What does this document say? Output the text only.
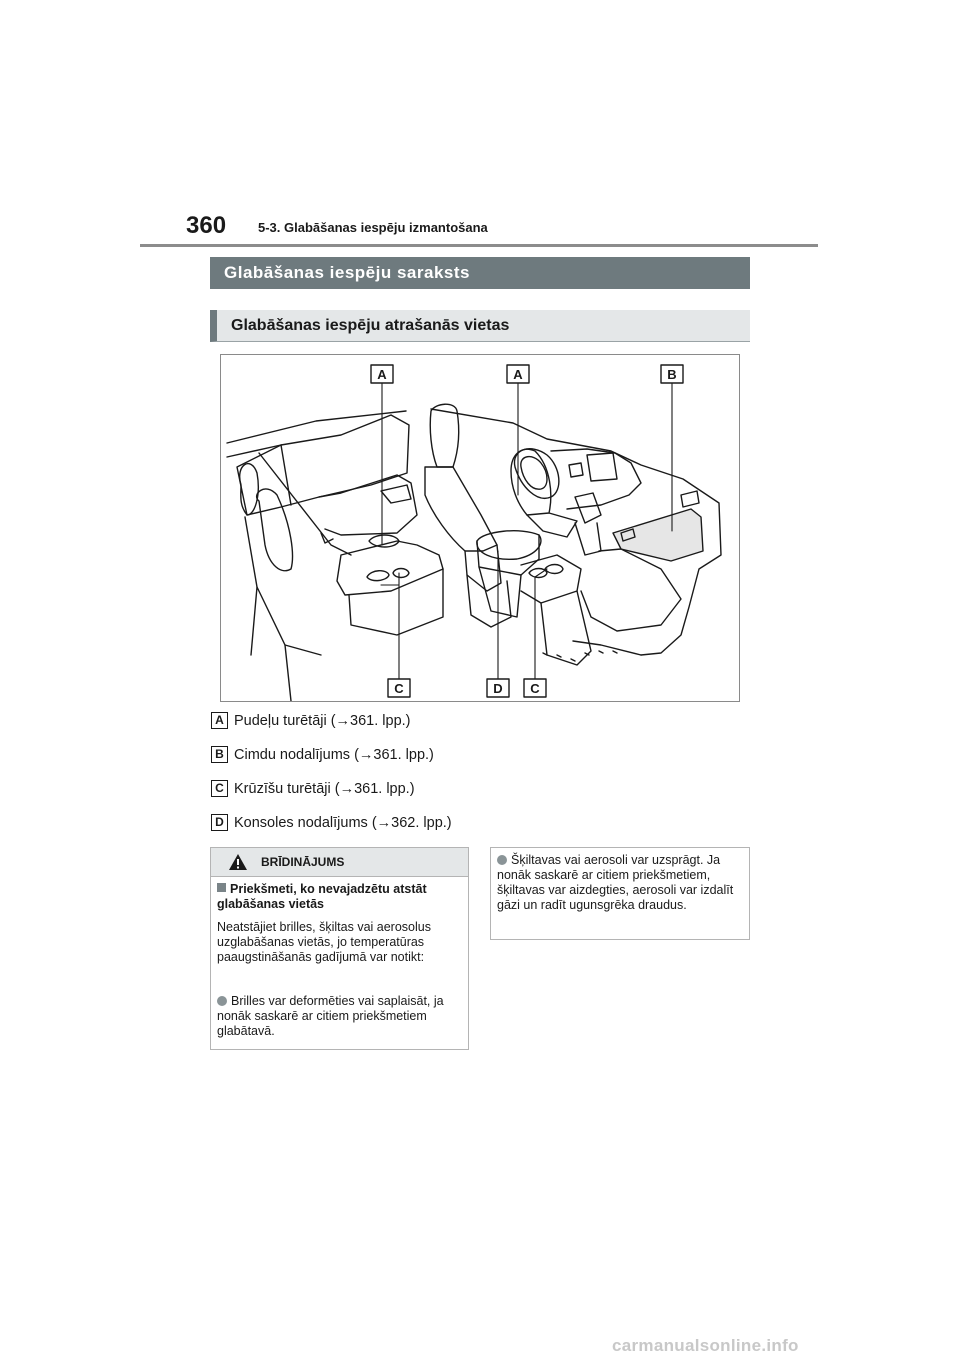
360 5-3. Glabāšanas iespēju izmantošana
Glabāšanas iespēju saraksts
Glabāšanas iespēju atrašanās vietas
A	A	B
C	D C
A Pudeļu turētāji (→361. lpp.)
B Cimdu nodalījums (→361. lpp.)
C Krūzīšu turētāji (→361. lpp.)
D Konsoles nodalījums (→362. lpp.)
BRĪDINĀJUMS
Priekšmeti, ko nevajadzētu atstāt glabāšanas vietās
Neatstājiet brilles, šķiltas vai aerosolus uzglabāšanas vietās, jo temperatūras paaugstināšanās gadījumā var notikt:
Brilles var deformēties vai saplaisāt, ja nonāk saskarē ar citiem priekšmetiem glabātavā.
Šķiltavas vai aerosoli var uzsprāgt. Ja nonāk saskarē ar citiem priekšmetiem, šķiltavas var aizdegties, aerosoli var izdalīt gāzi un radīt ugunsgrēka draudus.
carmanualsonline.info
